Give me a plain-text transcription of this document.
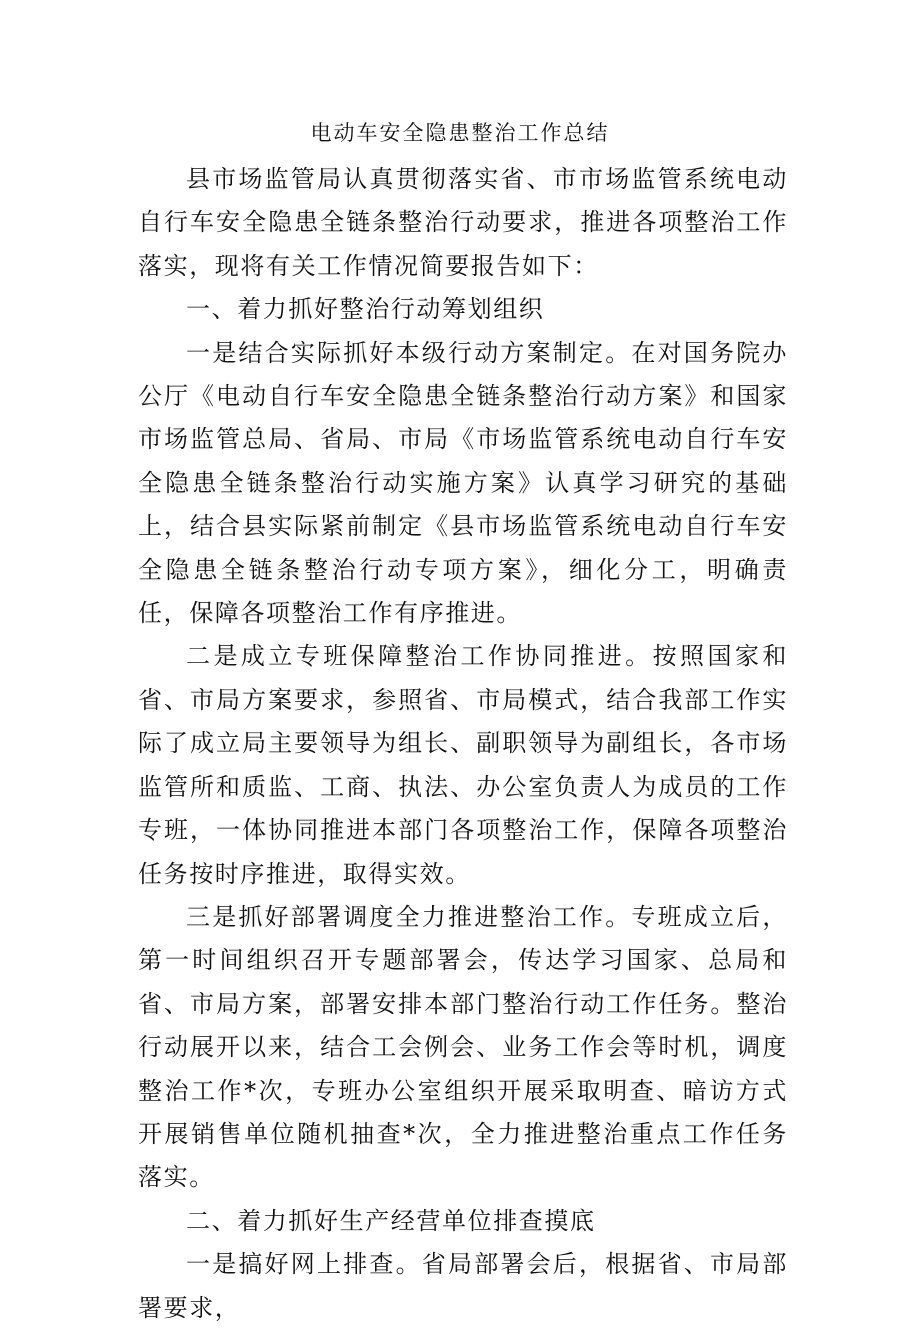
电动车安全隐患整治工作总结

县市场监管局认真贯彻落实省、市市场监管系统电动自行车安全隐患全链条整治行动要求，推进各项整治工作落实，现将有关工作情况简要报告如下：

一、着力抓好整治行动筹划组织

一是结合实际抓好本级行动方案制定。在对国务院办公厅《电动自行车安全隐患全链条整治行动方案》和国家市场监管总局、省局、市局《市场监管系统电动自行车安全隐患全链条整治行动实施方案》认真学习研究的基础上，结合县实际紧前制定《县市场监管系统电动自行车安全隐患全链条整治行动专项方案》，细化分工，明确责任，保障各项整治工作有序推进。

二是成立专班保障整治工作协同推进。按照国家和省、市局方案要求，参照省、市局模式，结合我部工作实际了成立局主要领导为组长、副职领导为副组长，各市场监管所和质监、工商、执法、办公室负责人为成员的工作专班，一体协同推进本部门各项整治工作，保障各项整治任务按时序推进，取得实效。

三是抓好部署调度全力推进整治工作。专班成立后，第一时间组织召开专题部署会，传达学习国家、总局和省、市局方案，部署安排本部门整治行动工作任务。整治行动展开以来，结合工会例会、业务工作会等时机，调度整治工作*次，专班办公室组织开展采取明查、暗访方式开展销售单位随机抽查*次，全力推进整治重点工作任务落实。

二、着力抓好生产经营单位排查摸底

一是搞好网上排查。省局部署会后，根据省、市局部署要求，
